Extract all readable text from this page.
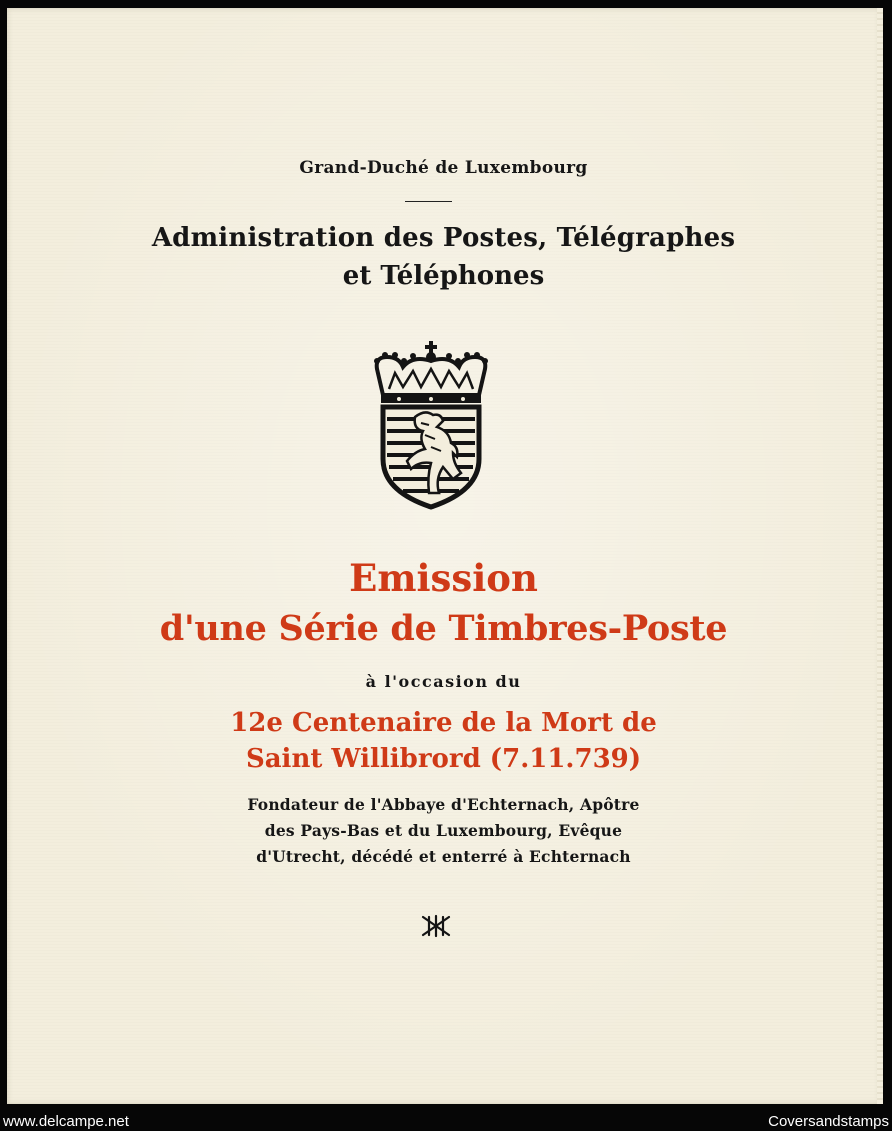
Grand-Duché de Luxembourg
Administration des Postes, Télégraphes
et Téléphones
Emission
d'une Série de Timbres-Poste
à l'occasion du
12e Centenaire de la Mort de
Saint Willibrord (7.11.739)
Fondateur de l'Abbaye d'Echternach, Apôtre
des Pays-Bas et du Luxembourg, Evêque
d'Utrecht, décédé et enterré à Echternach
www.delcampe.net	Coversandstamps
